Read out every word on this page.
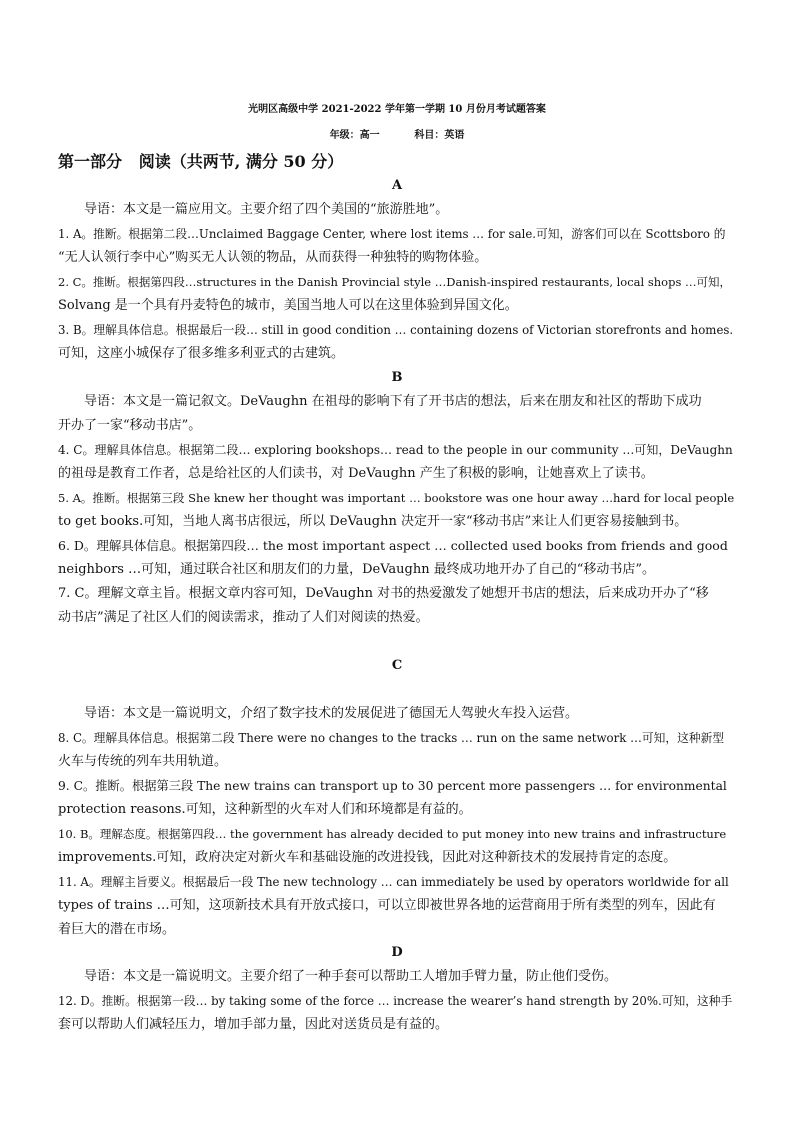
光明区高级中学 2021-2022 学年第一学期 10 月份月考试题答案
年级：高一          科目：英语
第一部分   阅读（共两节, 满分 50 分）
A
导语：本文是一篇应用文。主要介绍了四个美国的“旅游胜地”。
1. A。推断。根据第二段…Unclaimed Baggage Center, where lost items … for sale.可知，游客们可以在 Scottsboro 的
“无人认领行李中心”购买无人认领的物品，从而获得一种独特的购物体验。
2. C。推断。根据第四段…structures in the Danish Provincial style …Danish-inspired restaurants, local shops …可知，
Solvang 是一个具有丹麦特色的城市，美国当地人可以在这里体验到异国文化。
3. B。理解具体信息。根据最后一段… still in good condition … containing dozens of Victorian storefronts and homes.
可知，这座小城保存了很多维多利亚式的古建筑。
B
导语：本文是一篇记叙文。DeVaughn 在祖母的影响下有了开书店的想法，后来在朋友和社区的帮助下成功
开办了一家“移动书店”。
4. C。理解具体信息。根据第二段… exploring bookshops… read to the people in our community …可知，DeVaughn
的祖母是教育工作者，总是给社区的人们读书，对 DeVaughn 产生了积极的影响，让她喜欢上了读书。
5. A。推断。根据第三段 She knew her thought was important … bookstore was one hour away …hard for local people
to get books.可知，当地人离书店很远，所以 DeVaughn 决定开一家“移动书店”来让人们更容易接触到书。
6. D。理解具体信息。根据第四段… the most important aspect … collected used books from friends and good
neighbors …可知，通过联合社区和朋友们的力量，DeVaughn 最终成功地开办了自己的“移动书店”。
7. C。理解文章主旨。根据文章内容可知，DeVaughn 对书的热爱激发了她想开书店的想法，后来成功开办了“移
动书店”满足了社区人们的阅读需求，推动了人们对阅读的热爱。
C
导语：本文是一篇说明文，介绍了数字技术的发展促进了德国无人驾驶火车投入运营。
8. C。理解具体信息。根据第二段 There were no changes to the tracks … run on the same network …可知，这种新型
火车与传统的列车共用轨道。
9. C。推断。根据第三段 The new trains can transport up to 30 percent more passengers … for environmental
protection reasons.可知，这种新型的火车对人们和环境都是有益的。
10. B。理解态度。根据第四段… the government has already decided to put money into new trains and infrastructure
improvements.可知，政府决定对新火车和基础设施的改进投钱，因此对这种新技术的发展持肯定的态度。
11. A。理解主旨要义。根据最后一段 The new technology … can immediately be used by operators worldwide for all
types of trains …可知，这项新技术具有开放式接口，可以立即被世界各地的运营商用于所有类型的列车，因此有
着巨大的潜在市场。
D
导语：本文是一篇说明文。主要介绍了一种手套可以帮助工人增加手臂力量，防止他们受伤。
12. D。推断。根据第一段… by taking some of the force … increase the wearer’s hand strength by 20%.可知，这种手
套可以帮助人们减轻压力，增加手部力量，因此对送货员是有益的。
